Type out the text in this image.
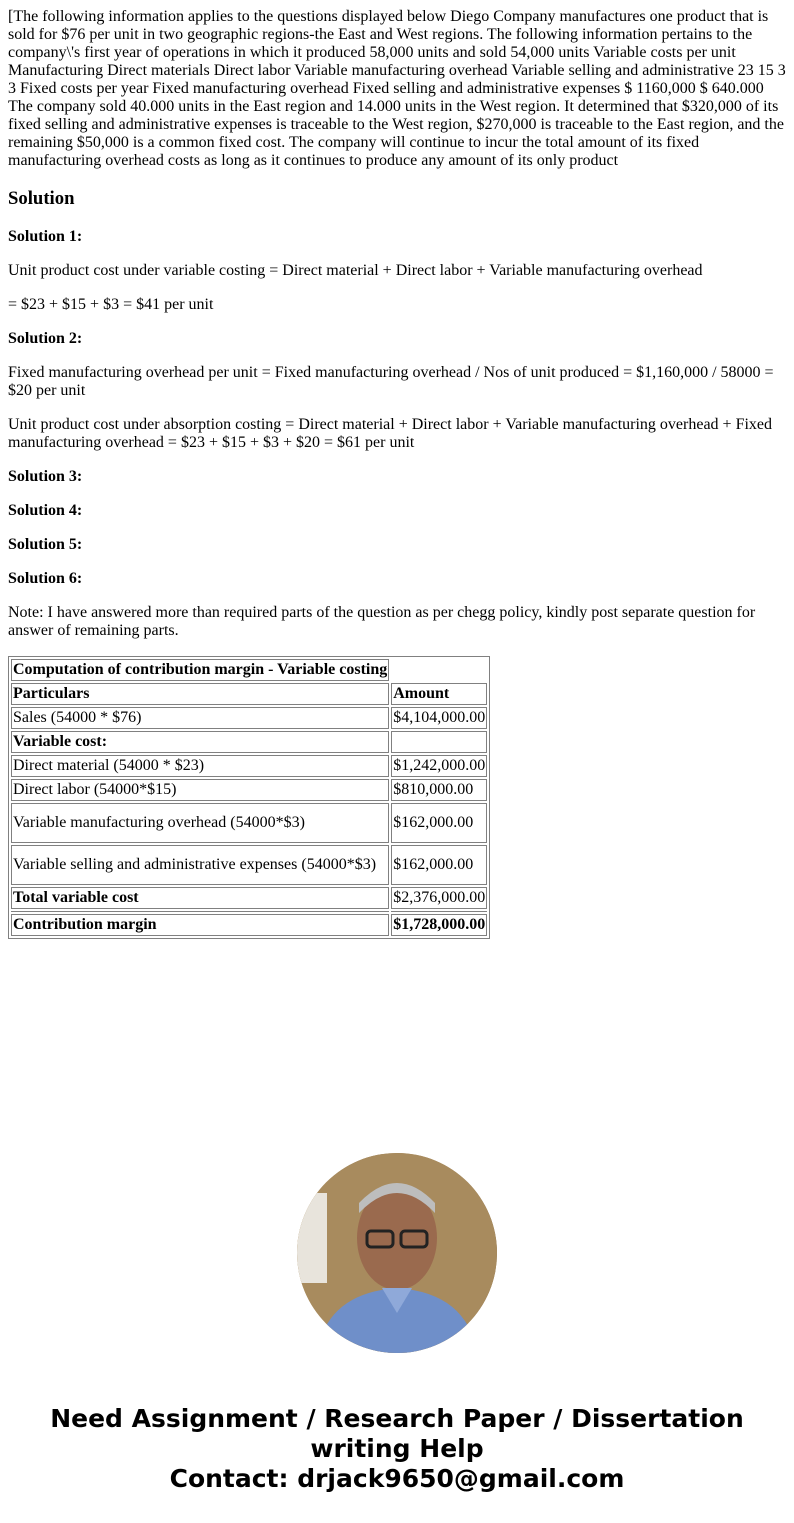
[The following information applies to the questions displayed below Diego Company manufactures one product that is sold for $76 per unit in two geographic regions-the East and West regions. The following information pertains to the company\'s first year of operations in which it produced 58,000 units and sold 54,000 units Variable costs per unit Manufacturing Direct materials Direct labor Variable manufacturing overhead Variable selling and administrative 23 15 3 3 Fixed costs per year Fixed manufacturing overhead Fixed selling and administrative expenses $ 1160,000 $ 640.000 The company sold 40.000 units in the East region and 14.000 units in the West region. It determined that $320,000 of its fixed selling and administrative expenses is traceable to the West region, $270,000 is traceable to the East region, and the remaining $50,000 is a common fixed cost. The company will continue to incur the total amount of its fixed manufacturing overhead costs as long as it continues to produce any amount of its only product

Solution

Solution 1:

Unit product cost under variable costing = Direct material + Direct labor + Variable manufacturing overhead

= $23 + $15 + $3 = $41 per unit

Solution 2:

Fixed manufacturing overhead per unit = Fixed manufacturing overhead / Nos of unit produced = $1,160,000 / 58000 = $20 per unit

Unit product cost under absorption costing = Direct material + Direct labor + Variable manufacturing overhead + Fixed manufacturing overhead = $23 + $15 + $3 + $20 = $61 per unit

Solution 3:

Solution 4:

Solution 5:

Solution 6:

Note: I have answered more than required parts of the question as per chegg policy, kindly post separate question for answer of remaining parts.

Computation of contribution margin - Variable costing	
Particulars	Amount
Sales (54000 * $76)	$4,104,000.00
Variable cost:	
Direct material (54000 * $23)	$1,242,000.00
Direct labor (54000*$15)	$810,000.00
Variable manufacturing overhead (54000*$3)	$162,000.00
Variable selling and administrative expenses (54000*$3)	$162,000.00
Total variable cost	$2,376,000.00

Contribution margin	$1,728,000.00
Need Assignment / Research Paper / Dissertation
writing Help
Contact: drjack9650@gmail.com
